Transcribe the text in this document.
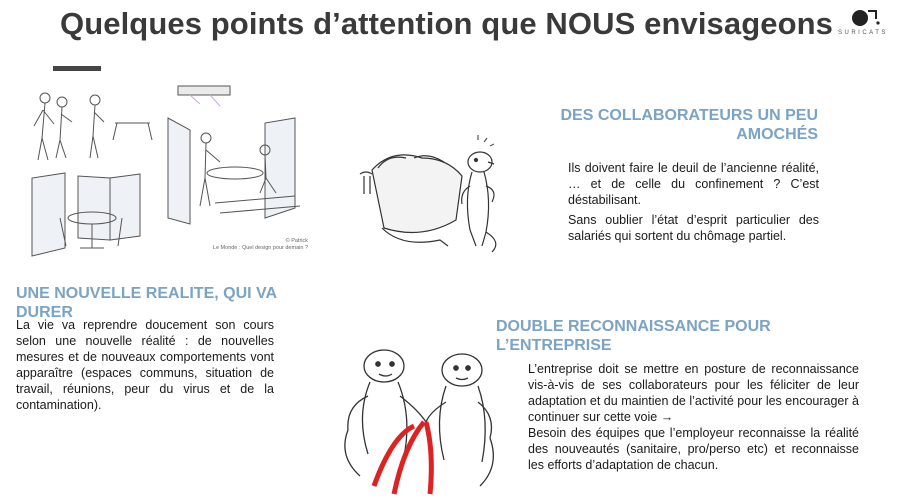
Quelques points d’attention que NOUS envisageons SURICATS
© Patrick
Le Monde : Quel design pour demain ?
UNE NOUVELLE REALITE, QUI VA DURER
La vie va reprendre doucement son cours selon une nouvelle réalité : de nouvelles mesures et de nouveaux comportements vont apparaître (espaces communs, situation de travail, réunions, peur du virus et de la contamination).
DES COLLABORATEURS UN PEU AMOCHÉS

Ils doivent faire le deuil de l’ancienne réalité, … et de celle du confinement ? C’est déstabilisant.

Sans oublier l’état d’esprit particulier des salariés qui sortent du chômage partiel.

DOUBLE RECONNAISSANCE POUR L’ENTREPRISE

L’entreprise doit se mettre en posture de reconnaissance vis-à-vis de ses collaborateurs pour les féliciter de leur adaptation et du maintien de l’activité pour les encourager à continuer sur cette voie →

Besoin des équipes que l’employeur reconnaisse la réalité des nouveautés (sanitaire, pro/perso etc) et reconnaisse les efforts d’adaptation de chacun.
